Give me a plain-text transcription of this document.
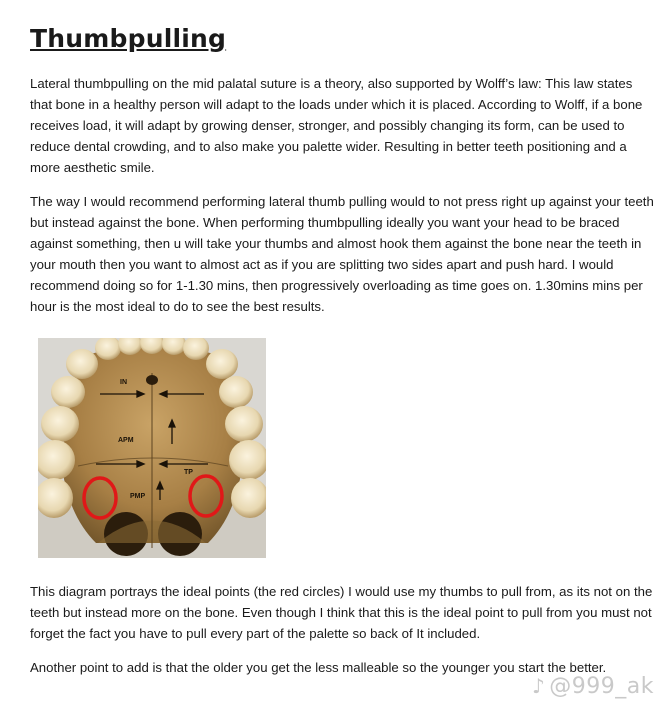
Thumbpulling

Lateral thumbpulling on the mid palatal suture is a theory, also supported by Wolff’s law: This law states that bone in a healthy person will adapt to the loads under which it is placed. According to Wolff, if a bone receives load, it will adapt by growing denser, stronger, and possibly changing its form, can be used to reduce dental crowding, and to also make you palette wider. Resulting in better teeth positioning and a more aesthetic smile.

The way I would recommend performing lateral thumb pulling would to not press right up against your teeth but instead against the bone. When performing thumbpulling ideally you want your head to be braced against something, then u will take your thumbs and almost hook them against the bone near the teeth in your mouth then you want to almost act as if you are splitting two sides apart and push hard. I would recommend doing so for 1-1.30 mins, then progressively overloading as time goes on. 1.30mins mins per hour is the most ideal to do to see the best results.

IN
APM
PMP
TP

This diagram portrays the ideal points (the red circles) I would use my thumbs to pull from, as its not on the teeth but instead more on the bone. Even though I think that this is the ideal point to pull from you must not forget the fact you have to pull every part of the palette so back of It included.

Another point to add is that the older you get the less malleable so the younger you start the better.

♪ @999_ak
